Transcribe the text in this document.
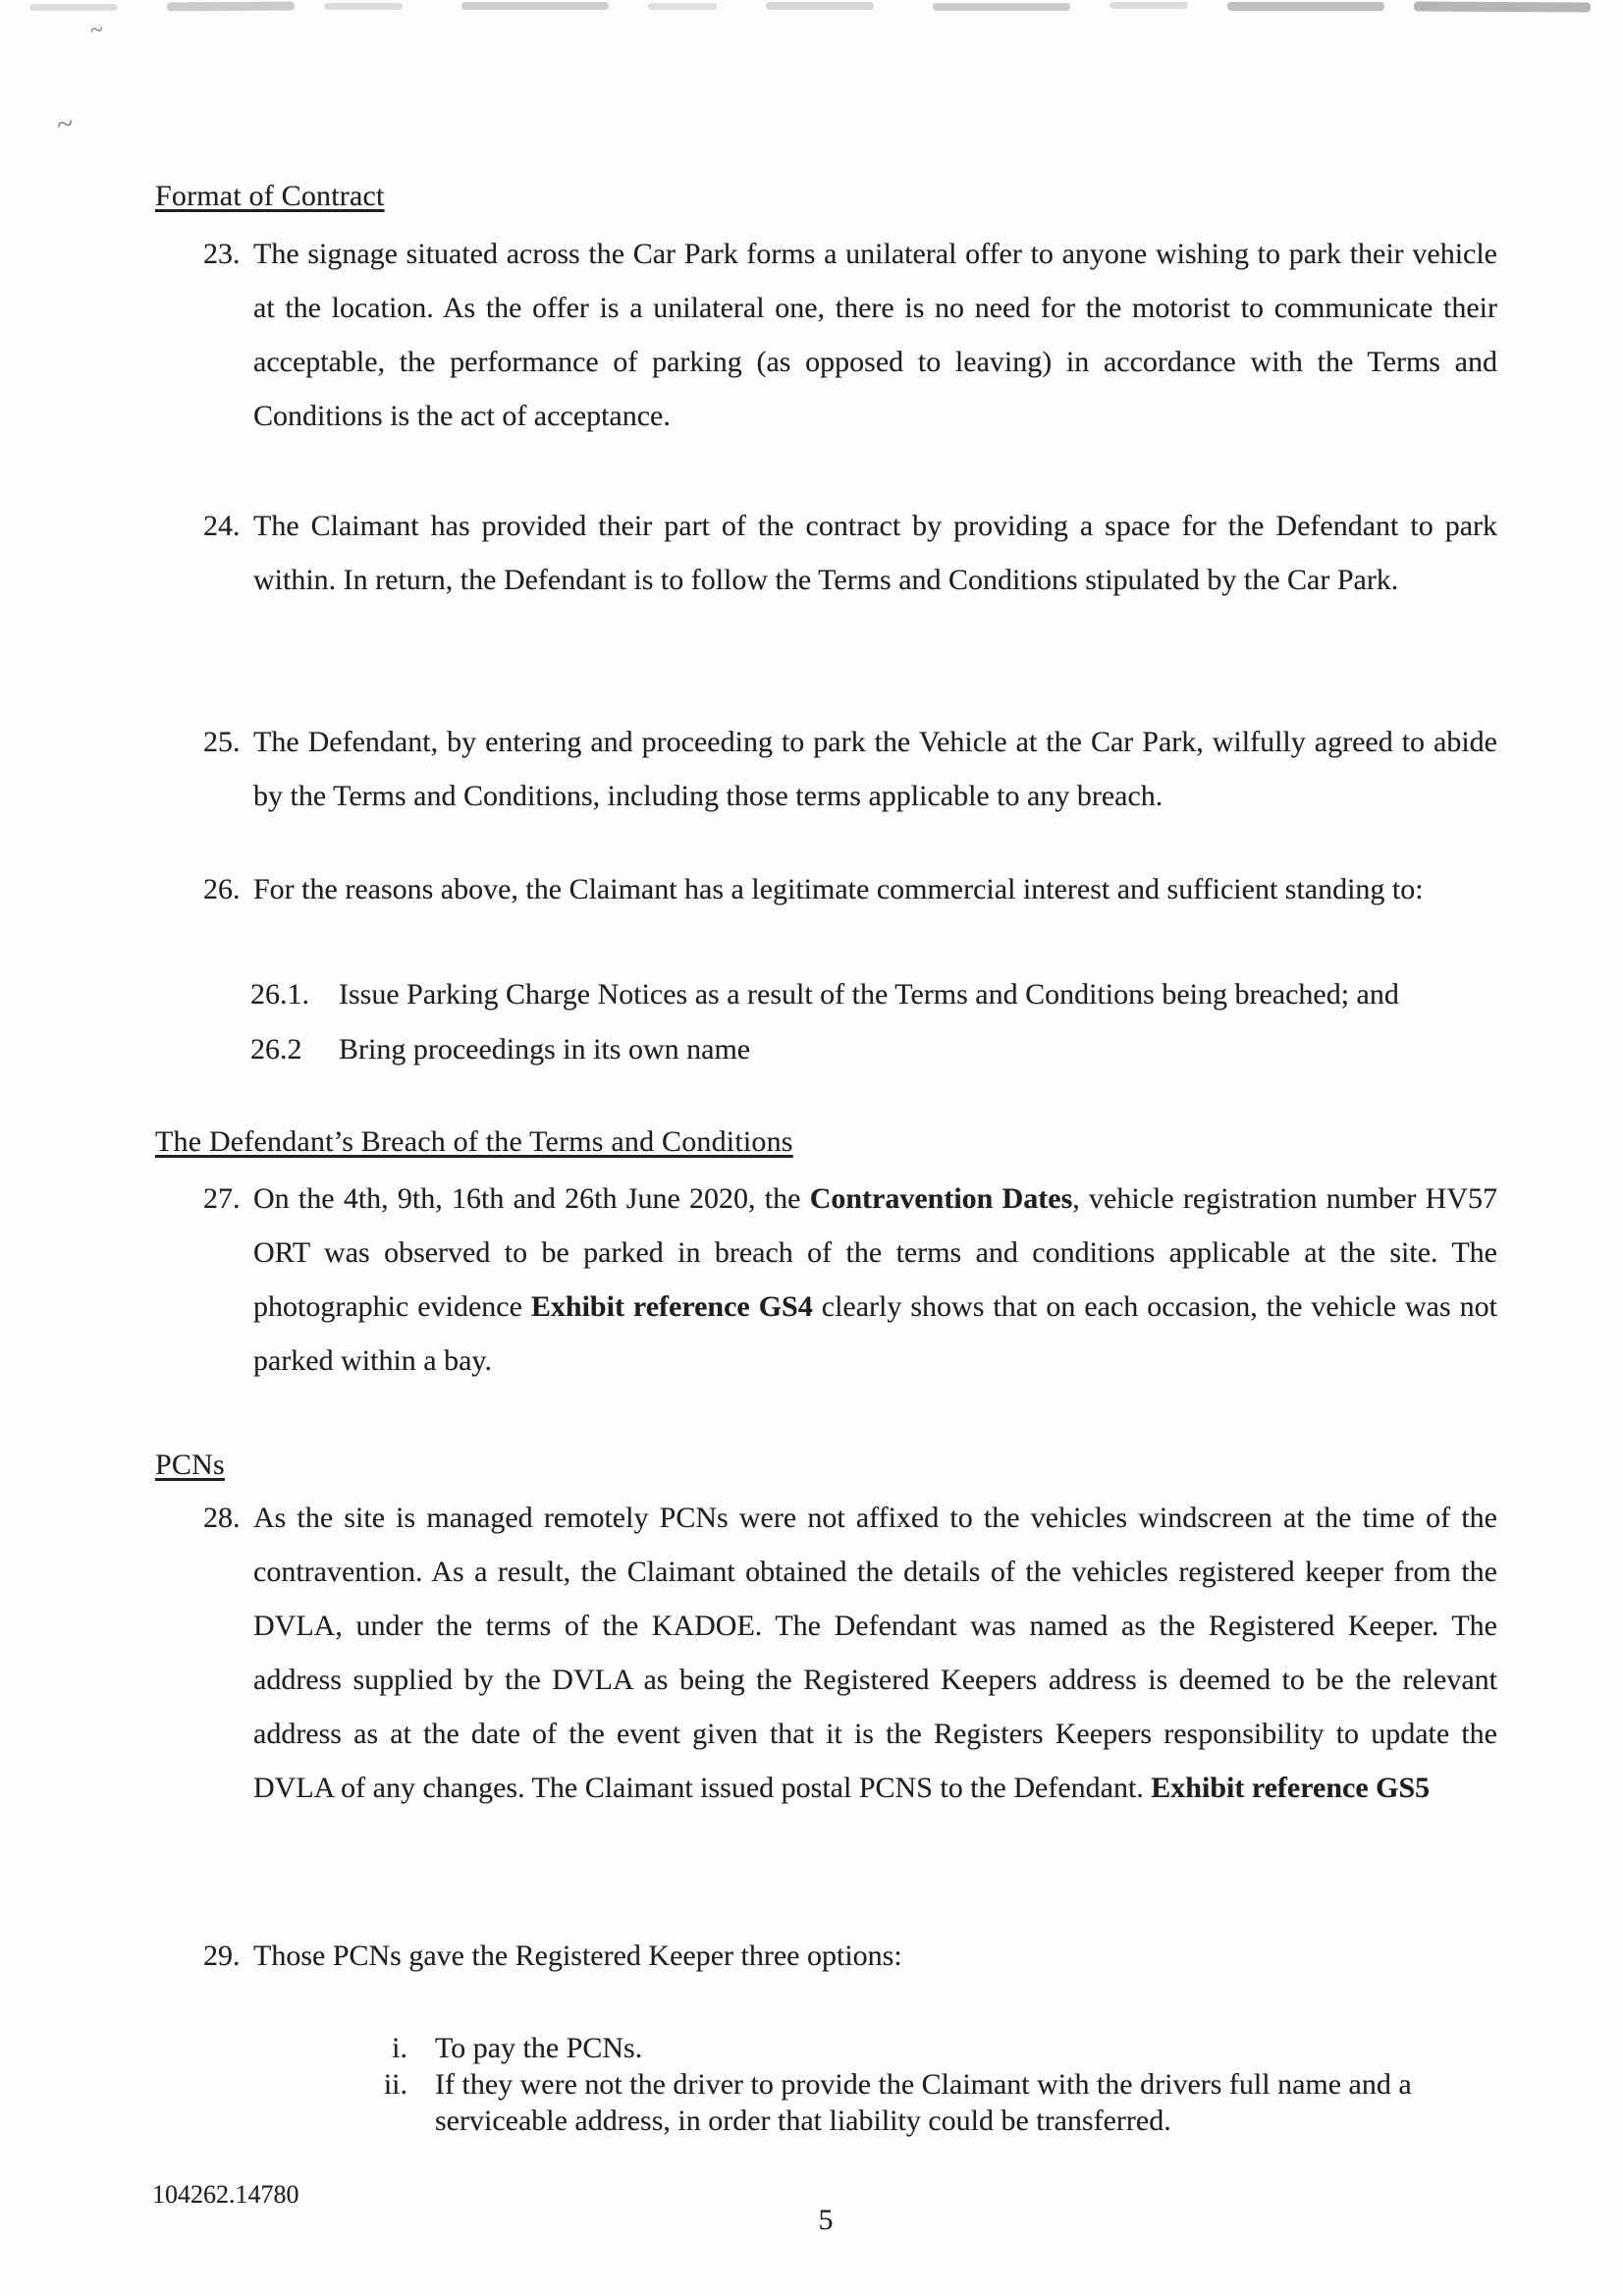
~
~
Format of Contract
23. The signage situated across the Car Park forms a unilateral offer to anyone wishing to park their vehicle at the location. As the offer is a unilateral one, there is no need for the motorist to communicate their acceptable, the performance of parking (as opposed to leaving) in accordance with the Terms and Conditions is the act of acceptance.
24. The Claimant has provided their part of the contract by providing a space for the Defendant to park within. In return, the Defendant is to follow the Terms and Conditions stipulated by the Car Park.
25. The Defendant, by entering and proceeding to park the Vehicle at the Car Park, wilfully agreed to abide by the Terms and Conditions, including those terms applicable to any breach.
26. For the reasons above, the Claimant has a legitimate commercial interest and sufficient standing to:
26.1. Issue Parking Charge Notices as a result of the Terms and Conditions being breached; and
26.2 Bring proceedings in its own name
The Defendant’s Breach of the Terms and Conditions
27. On the 4th, 9th, 16th and 26th June 2020, the Contravention Dates, vehicle registration number HV57 ORT was observed to be parked in breach of the terms and conditions applicable at the site. The photographic evidence Exhibit reference GS4 clearly shows that on each occasion, the vehicle was not parked within a bay.
PCNs
28. As the site is managed remotely PCNs were not affixed to the vehicles windscreen at the time of the contravention. As a result, the Claimant obtained the details of the vehicles registered keeper from the DVLA, under the terms of the KADOE. The Defendant was named as the Registered Keeper. The address supplied by the DVLA as being the Registered Keepers address is deemed to be the relevant address as at the date of the event given that it is the Registers Keepers responsibility to update the DVLA of any changes. The Claimant issued postal PCNS to the Defendant. Exhibit reference GS5
29. Those PCNs gave the Registered Keeper three options:
i. To pay the PCNs.
ii. If they were not the driver to provide the Claimant with the drivers full name and a serviceable address, in order that liability could be transferred.
104262.14780
5
